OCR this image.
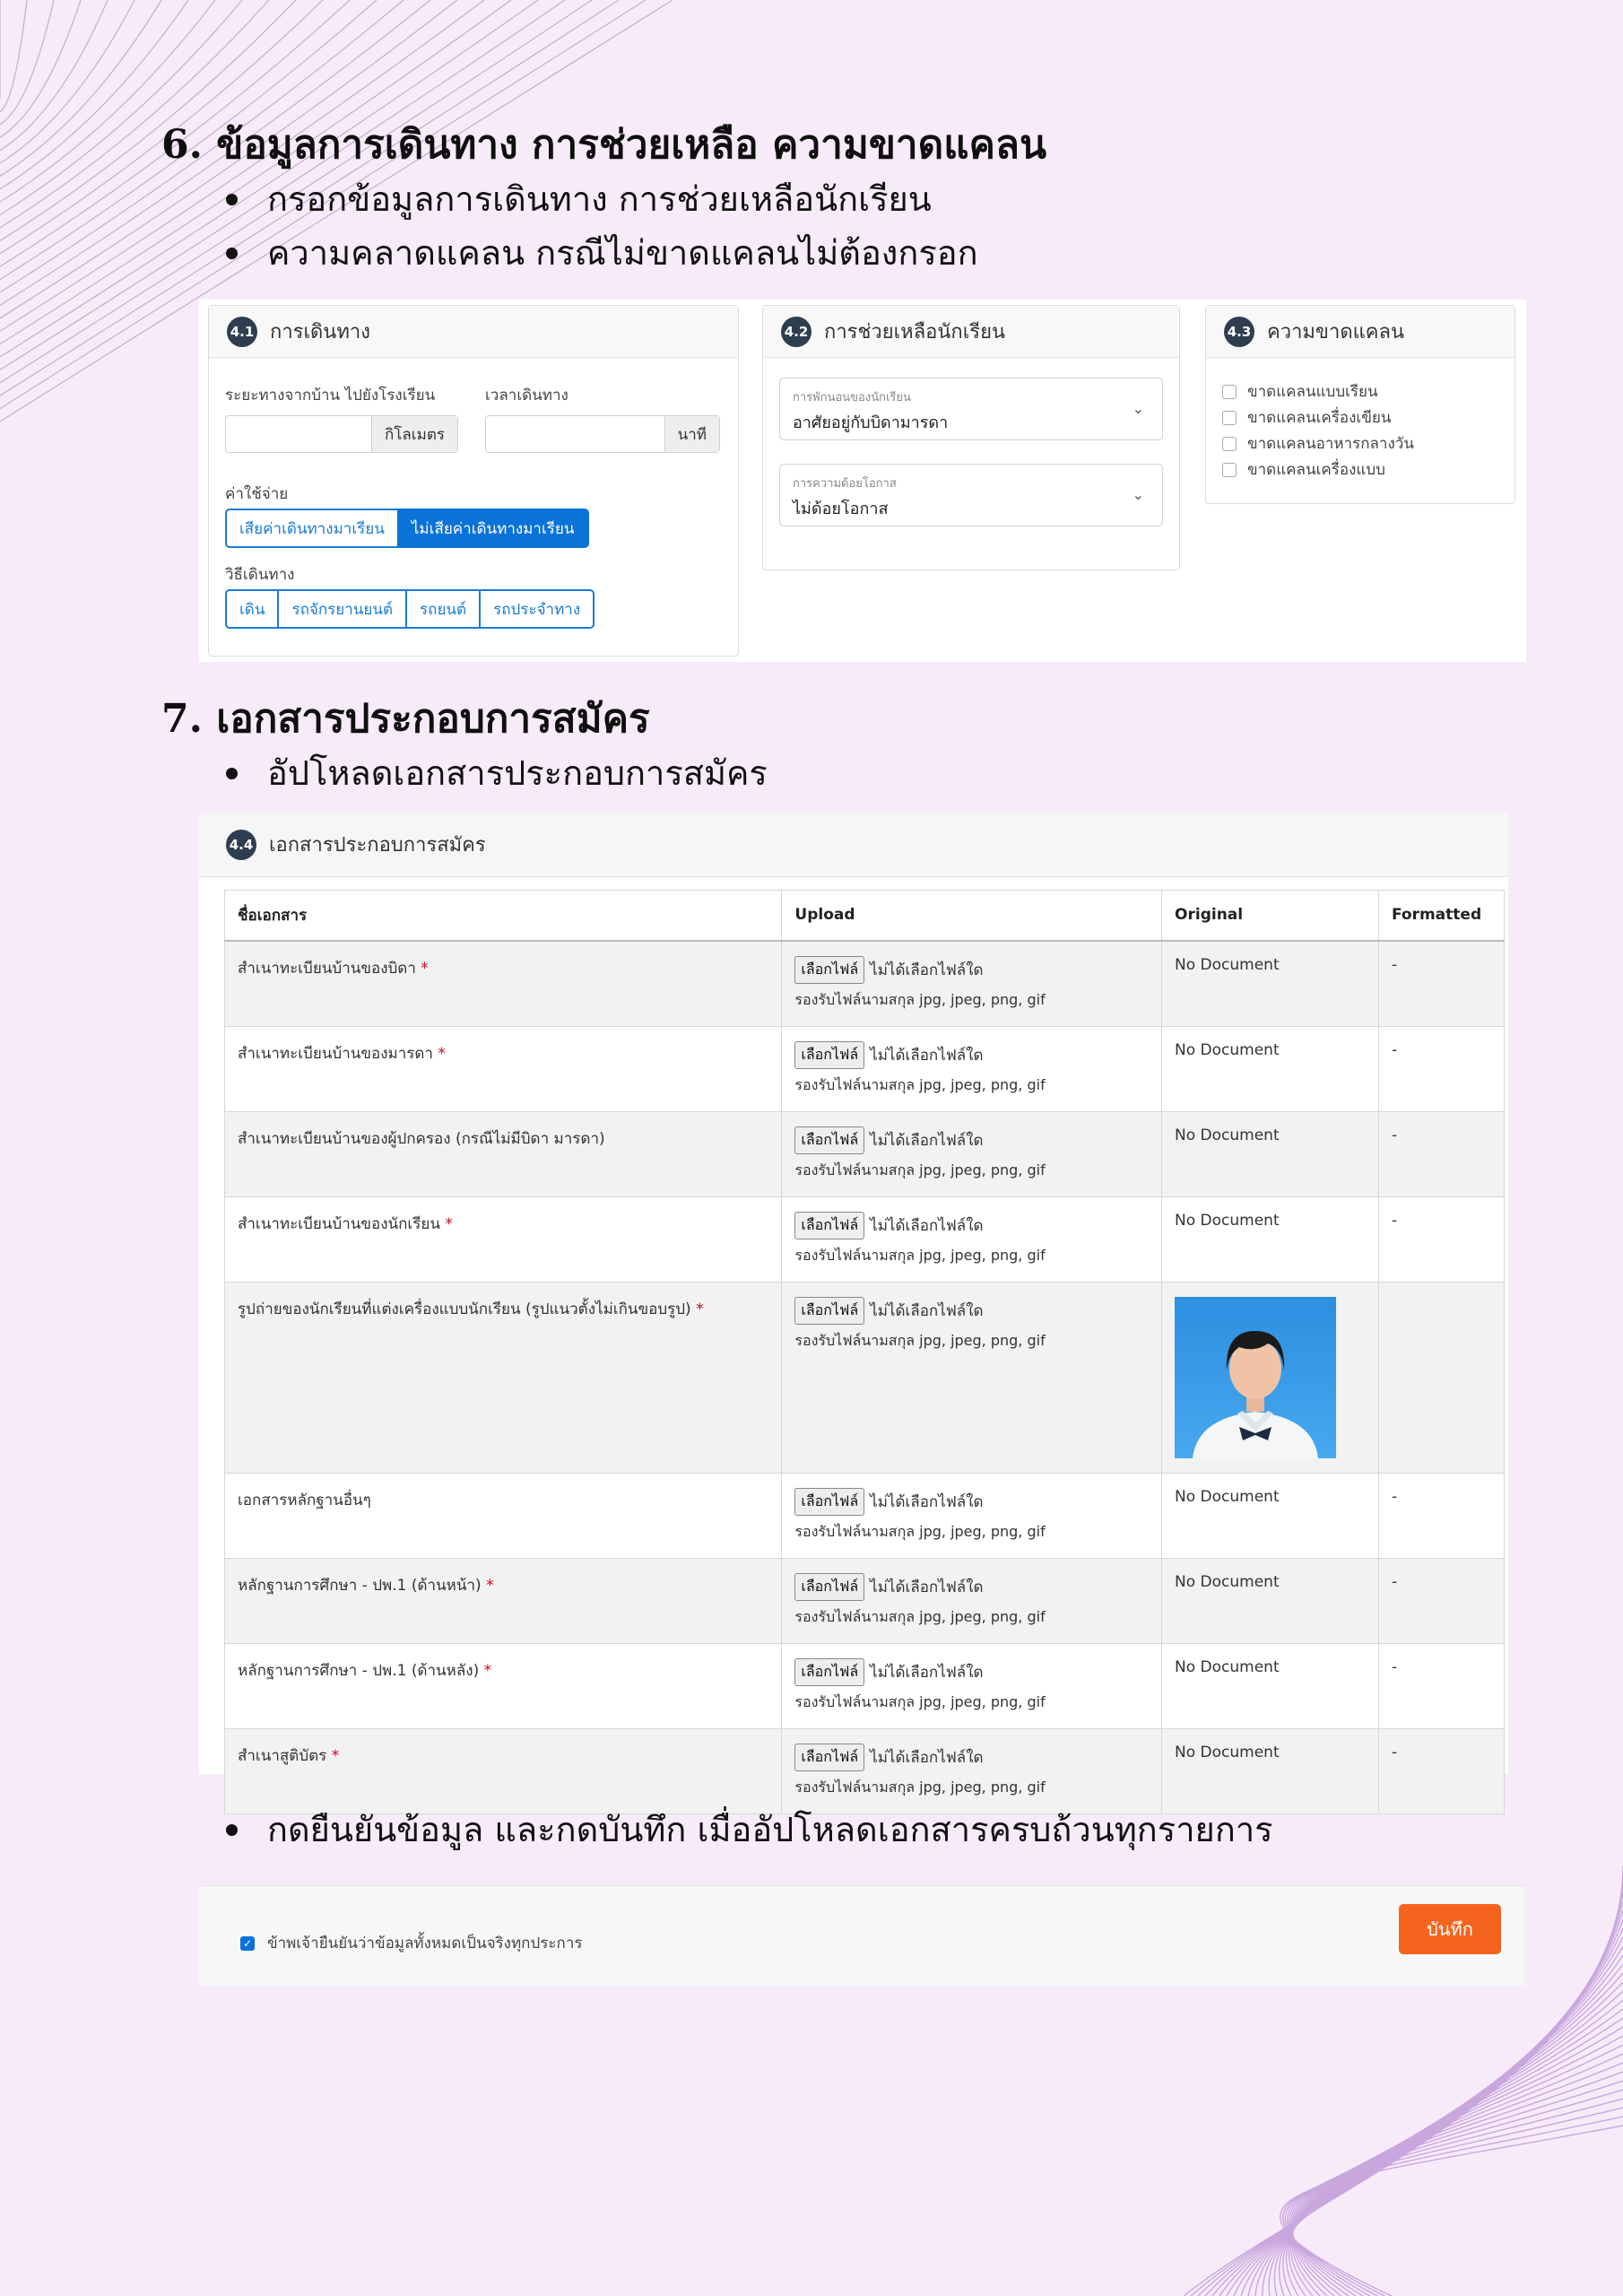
6. ข้อมูลการเดินทาง การช่วยเหลือ ความขาดแคลน
กรอกข้อมูลการเดินทาง การช่วยเหลือนักเรียน
ความคลาดแคลน กรณีไม่ขาดแคลนไม่ต้องกรอก
4.1 การเดินทาง
ระยะทางจากบ้าน ไปยังโรงเรียน	เวลาเดินทาง
กิโลเมตร	นาที
ค่าใช้จ่าย
เสียค่าเดินทางมาเรียน	ไม่เสียค่าเดินทางมาเรียน
วิธีเดินทาง
เดิน	รถจักรยานยนต์	รถยนต์	รถประจำทาง
4.2 การช่วยเหลือนักเรียน
การพักนอนของนักเรียน
อาศัยอยู่กับบิดามารดา
⌄
การความด้อยโอกาส
ไม่ด้อยโอกาส
⌄
4.3 ความขาดแคลน
ขาดแคลนแบบเรียน
ขาดแคลนเครื่องเขียน
ขาดแคลนอาหารกลางวัน
ขาดแคลนเครื่องแบบ
7. เอกสารประกอบการสมัคร
อัปโหลดเอกสารประกอบการสมัคร
4.4 เอกสารประกอบการสมัคร
ชื่อเอกสาร	Upload	Original	Formatted
สำเนาทะเบียนบ้านของบิดา *	เลือกไฟล์ ไม่ได้เลือกไฟล์ใด
รองรับไฟล์นามสกุล jpg, jpeg, png, gif	No Document	-
สำเนาทะเบียนบ้านของมารดา *	เลือกไฟล์ ไม่ได้เลือกไฟล์ใด
รองรับไฟล์นามสกุล jpg, jpeg, png, gif	No Document	-
สำเนาทะเบียนบ้านของผู้ปกครอง (กรณีไม่มีบิดา มารดา)	เลือกไฟล์ ไม่ได้เลือกไฟล์ใด
รองรับไฟล์นามสกุล jpg, jpeg, png, gif	No Document	-
สำเนาทะเบียนบ้านของนักเรียน *	เลือกไฟล์ ไม่ได้เลือกไฟล์ใด
รองรับไฟล์นามสกุล jpg, jpeg, png, gif	No Document	-
รูปถ่ายของนักเรียนที่แต่งเครื่องแบบนักเรียน (รูปแนวตั้งไม่เกินขอบรูป) *	เลือกไฟล์ ไม่ได้เลือกไฟล์ใด
รองรับไฟล์นามสกุล jpg, jpeg, png, gif

เอกสารหลักฐานอื่นๆ	เลือกไฟล์ ไม่ได้เลือกไฟล์ใด
รองรับไฟล์นามสกุล jpg, jpeg, png, gif	No Document	-
หลักฐานการศึกษา - ปพ.1 (ด้านหน้า) *	เลือกไฟล์ ไม่ได้เลือกไฟล์ใด
รองรับไฟล์นามสกุล jpg, jpeg, png, gif	No Document	-
หลักฐานการศึกษา - ปพ.1 (ด้านหลัง) *	เลือกไฟล์ ไม่ได้เลือกไฟล์ใด
รองรับไฟล์นามสกุล jpg, jpeg, png, gif	No Document	-
สำเนาสูติบัตร *	เลือกไฟล์ ไม่ได้เลือกไฟล์ใด
รองรับไฟล์นามสกุล jpg, jpeg, png, gif	No Document	-
กดยืนยันข้อมูล และกดบันทึก เมื่ออัปโหลดเอกสารครบถ้วนทุกรายการ
✓ ข้าพเจ้ายืนยันว่าข้อมูลทั้งหมดเป็นจริงทุกประการ
บันทึก
